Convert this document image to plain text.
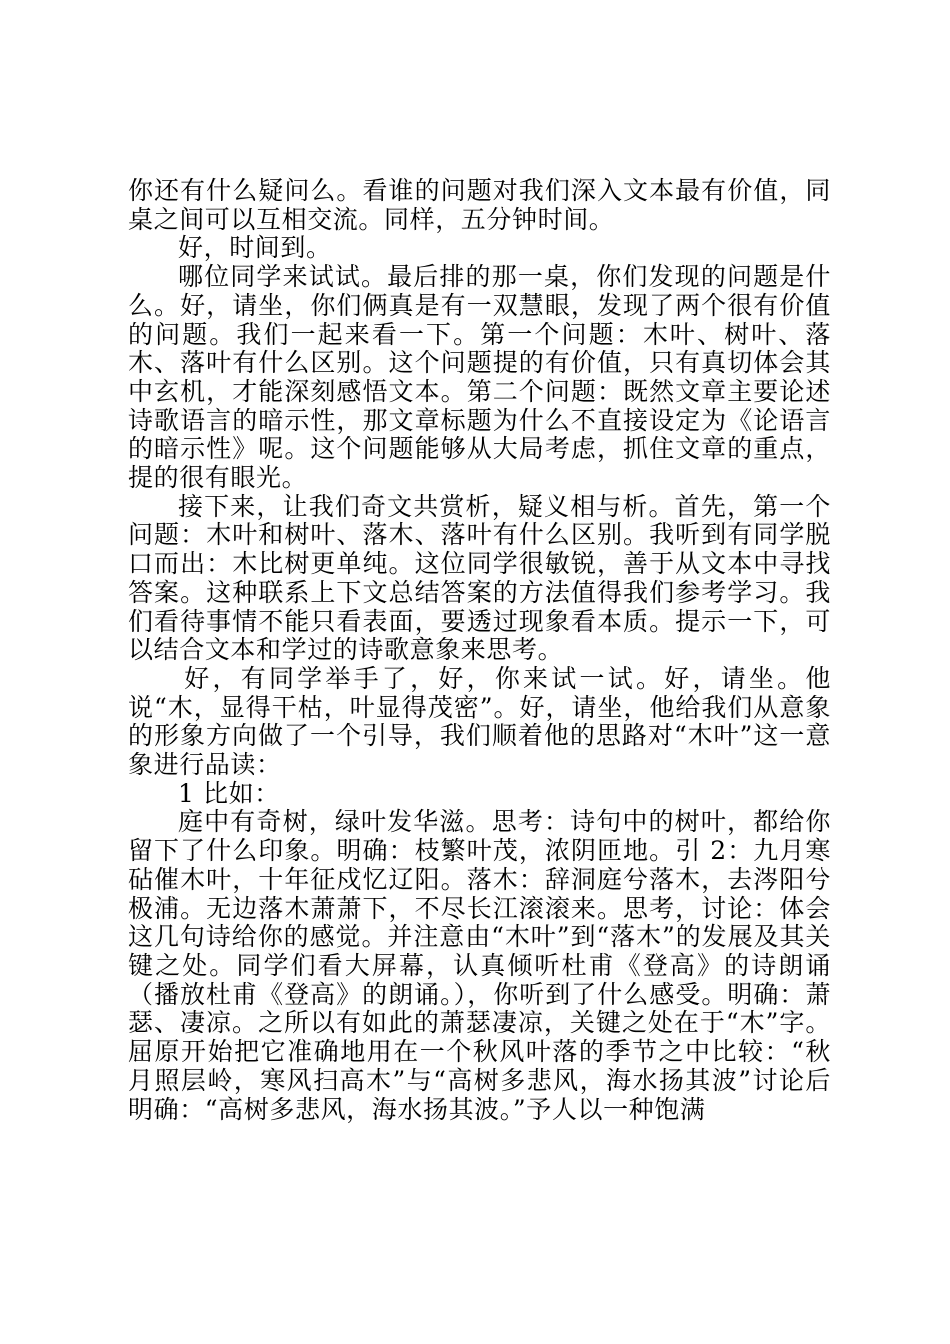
你还有什么疑问么。看谁的问题对我们深入文本最有价值，同桌之间可以互相交流。同样，五分钟时间。

好，时间到。

哪位同学来试试。最后排的那一桌，你们发现的问题是什么。好，请坐，你们俩真是有一双慧眼，发现了两个很有价值的问题。我们一起来看一下。第一个问题：木叶、树叶、落木、落叶有什么区别。这个问题提的有价值，只有真切体会其中玄机，才能深刻感悟文本。第二个问题：既然文章主要论述诗歌语言的暗示性，那文章标题为什么不直接设定为《论语言的暗示性》呢。这个问题能够从大局考虑，抓住文章的重点，提的很有眼光。

接下来，让我们奇文共赏析，疑义相与析。首先，第一个问题：木叶和树叶、落木、落叶有什么区别。我听到有同学脱口而出：木比树更单纯。这位同学很敏锐，善于从文本中寻找答案。这种联系上下文总结答案的方法值得我们参考学习。我们看待事情不能只看表面，要透过现象看本质。提示一下，可以结合文本和学过的诗歌意象来思考。

好，有同学举手了，好，你来试一试。好，请坐。他说“木，显得干枯，叶显得茂密”。好，请坐，他给我们从意象的形象方向做了一个引导，我们顺着他的思路对“木叶”这一意象进行品读：

1 比如：

庭中有奇树，绿叶发华滋。思考：诗句中的树叶，都给你留下了什么印象。明确：枝繁叶茂，浓阴匝地。引 2：九月寒砧催木叶，十年征戍忆辽阳。落木：辞洞庭兮落木，去涔阳兮极浦。无边落木萧萧下，不尽长江滚滚来。思考，讨论：体会这几句诗给你的感觉。并注意由“木叶”到“落木”的发展及其关键之处。同学们看大屏幕，认真倾听杜甫《登高》的诗朗诵（播放杜甫《登高》的朗诵。），你听到了什么感受。明确：萧瑟、凄凉。之所以有如此的萧瑟凄凉，关键之处在于“木”字。屈原开始把它准确地用在一个秋风叶落的季节之中比较：“秋月照层岭，寒风扫高木”与“高树多悲风，海水扬其波”讨论后明确：“高树多悲风，海水扬其波。”予人以一种饱满
